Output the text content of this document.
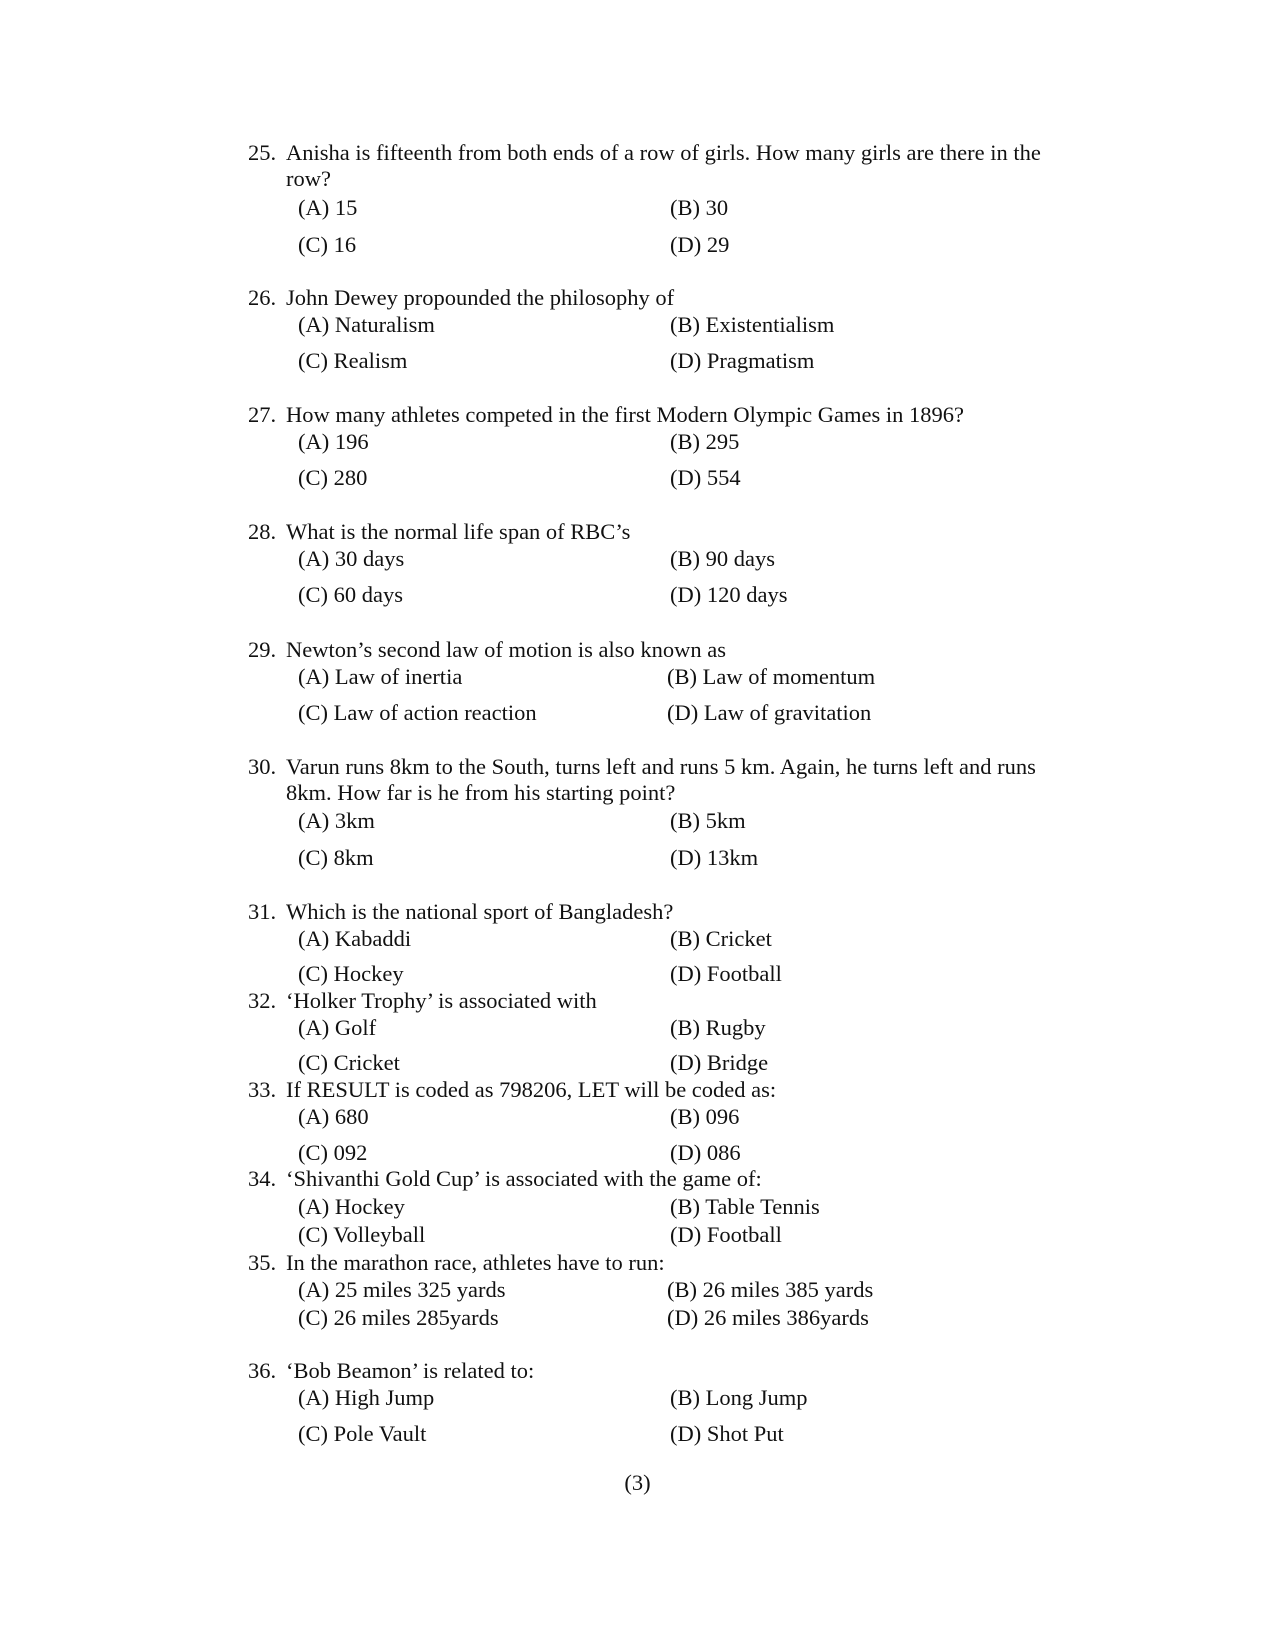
25. Anisha is fifteenth from both ends of a row of girls. How many girls are there in the row?
(A) 15	(B) 30
(C) 16	(D) 29
26. John Dewey propounded the philosophy of
(A) Naturalism	(B) Existentialism
(C) Realism	(D) Pragmatism
27. How many athletes competed in the first Modern Olympic Games in 1896?
(A) 196	(B) 295
(C) 280	(D) 554
28. What is the normal life span of RBC’s
(A) 30 days	(B) 90 days
(C) 60 days	(D) 120 days
29. Newton’s second law of motion is also known as
(A) Law of inertia	(B) Law of momentum
(C) Law of action reaction	(D) Law of gravitation
30. Varun runs 8km to the South, turns left and runs 5 km. Again, he turns left and runs 8km. How far is he from his starting point?
(A) 3km	(B) 5km
(C) 8km	(D) 13km
31. Which is the national sport of Bangladesh?
(A) Kabaddi	(B) Cricket
(C) Hockey	(D) Football
32. ‘Holker Trophy’ is associated with
(A) Golf	(B) Rugby
(C) Cricket	(D) Bridge
33. If RESULT is coded as 798206, LET will be coded as:
(A) 680	(B) 096
(C) 092	(D) 086
34. ‘Shivanthi Gold Cup’ is associated with the game of:
(A) Hockey	(B) Table Tennis
(C) Volleyball	(D) Football
35. In the marathon race, athletes have to run:
(A) 25 miles 325 yards	(B) 26 miles 385 yards
(C) 26 miles 285yards	(D) 26 miles 386yards
36. ‘Bob Beamon’ is related to:
(A) High Jump	(B) Long Jump
(C) Pole Vault	(D) Shot Put
(3)
